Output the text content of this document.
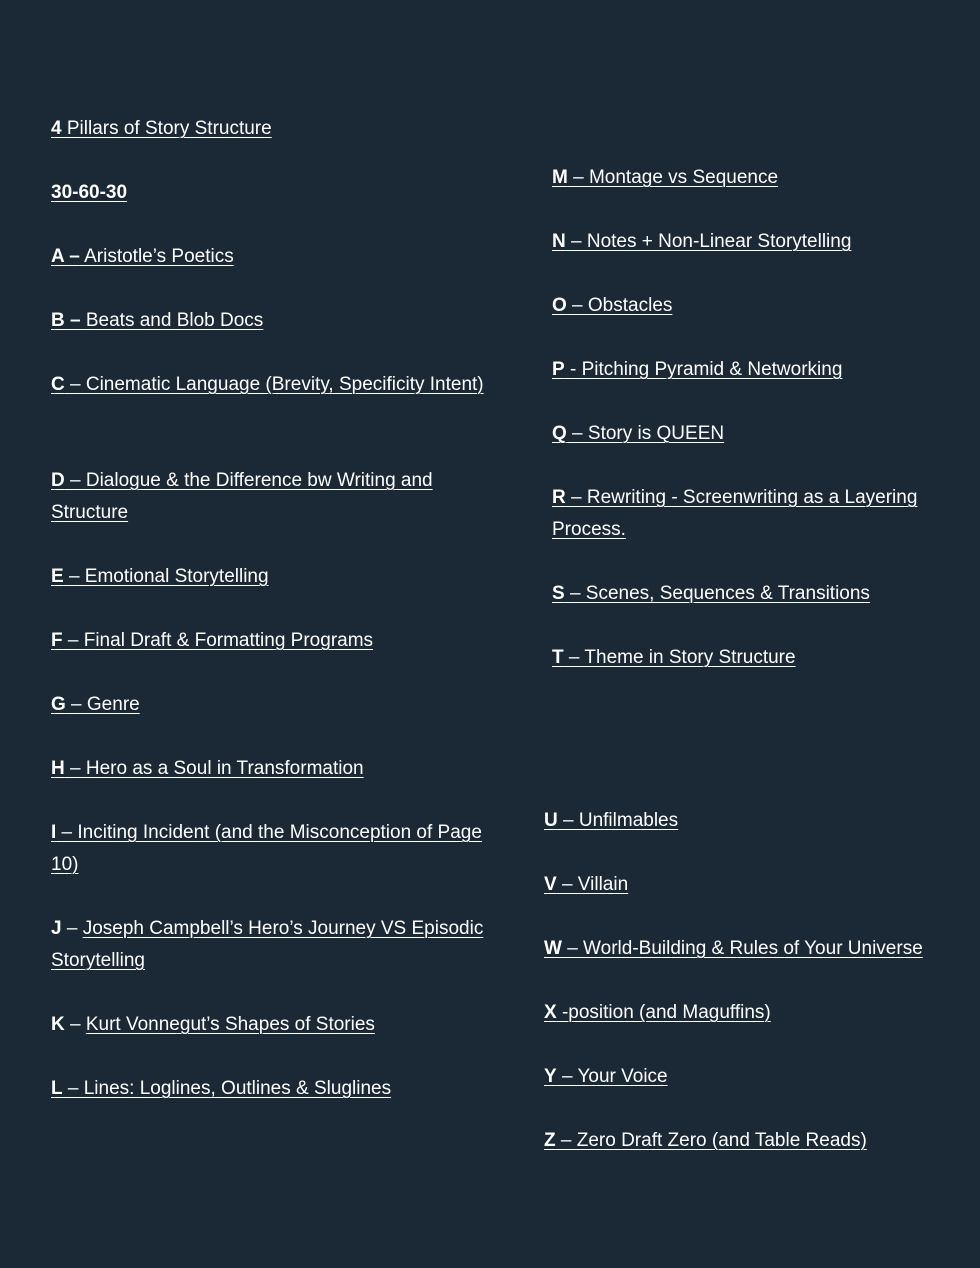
4 Pillars of Story Structure
30-60-30
A – Aristotle’s Poetics
B – Beats and Blob Docs
C – Cinematic Language (Brevity, Specificity Intent)
D – Dialogue & the Difference bw Writing and Structure
E – Emotional Storytelling
F – Final Draft & Formatting Programs
G – Genre
H – Hero as a Soul in Transformation
I – Inciting Incident (and the Misconception of Page 10)
J – Joseph Campbell’s Hero’s Journey VS Episodic Storytelling
K – Kurt Vonnegut’s Shapes of Stories
L – Lines: Loglines, Outlines & Sluglines
M – Montage vs Sequence
N – Notes + Non-Linear Storytelling
O – Obstacles
P - Pitching Pyramid & Networking
Q – Story is QUEEN
R – Rewriting - Screenwriting as a Layering Process.
S – Scenes, Sequences & Transitions
T – Theme in Story Structure
U – Unfilmables
V – Villain
W – World-Building & Rules of Your Universe
X -position (and Maguffins)
Y – Your Voice
Z – Zero Draft Zero (and Table Reads)
